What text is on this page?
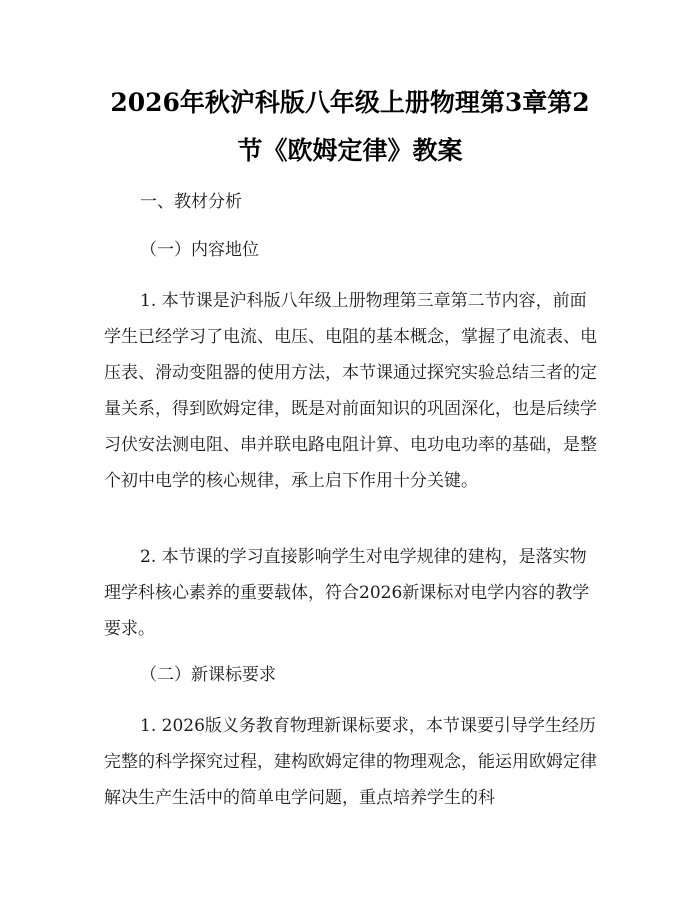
2026年秋沪科版八年级上册物理第3章第2
节《欧姆定律》教案
一、教材分析
（一）内容地位
1. 本节课是沪科版八年级上册物理第三章第二节内容，前面学生已经学习了电流、电压、电阻的基本概念，掌握了电流表、电压表、滑动变阻器的使用方法，本节课通过探究实验总结三者的定量关系，得到欧姆定律，既是对前面知识的巩固深化，也是后续学习伏安法测电阻、串并联电路电阻计算、电功电功率的基础，是整个初中电学的核心规律，承上启下作用十分关键。
2. 本节课的学习直接影响学生对电学规律的建构，是落实物理学科核心素养的重要载体，符合2026新课标对电学内容的教学要求。
（二）新课标要求
1. 2026版义务教育物理新课标要求，本节课要引导学生经历完整的科学探究过程，建构欧姆定律的物理观念，能运用欧姆定律解决生产生活中的简单电学问题，重点培养学生的科
